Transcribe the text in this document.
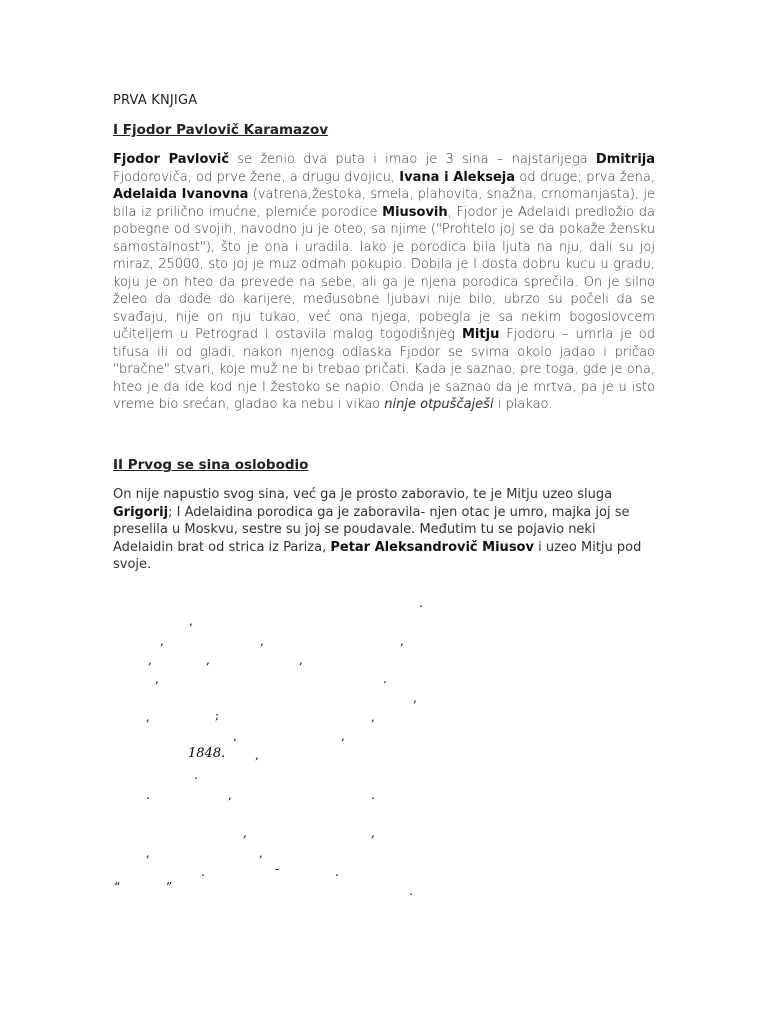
PRVA KNJIGA
I Fjodor Pavlovič Karamazov
Fjodor Pavlovič se ženio dva puta i imao je 3 sina – najstarijega Dmitrija Fjodoroviča, od prve žene, a drugu dvojicu, Ivana i Alekseja od druge; prva žena, Adelaida Ivanovna (vatrena,žestoka, smela, plahovita, snažna, crnomanjasta), je bila iz prilično imućne, plemiće porodice Miusovih, Fjodor je Adelaidi predložio da pobegne od svojih, navodno ju je oteo, sa njime ("Prohtelo joj se da pokaže žensku samostalnost"), što je ona i uradila. Iako je porodica bila ljuta na nju, dali su joj miraz, 25000, sto joj je muz odmah pokupio. Dobila je I dosta dobru kucu u gradu, koju je on hteo da prevede na sebe, ali ga je njena porodica sprečila. On je silno želeo da dođe do karijere, međusobne ljubavi nije bilo, ubrzo su počeli da se svađaju, nije on nju tukao, već ona njega, pobegla je sa nekim bogoslovcem učiteljem u Petrograd i ostavila malog togodišnjeg Mitju Fjodoru – umrla je od tifusa ili od gladi, nakon njenog odlaska Fjodor se svima okolo jadao i pričao "bračne" stvari, koje muž ne bi trebao pričati. Kada je saznao, pre toga, gde je ona, hteo je da ide kod nje I žestoko se napio. Onda je saznao da je mrtva, pa je u isto vreme bio srećan, gladao ka nebu i vikao ninje otpuščaješi i plakao.
II Prvog se sina oslobodio
On nije napustio svog sina, već ga je prosto zaboravio, te je Mitju uzeo sluga Grigorij; I Adelaidina porodica ga je zaboravila- njen otac je umro, majka joj se preselila u Moskvu, sestre su joj se poudavale. Međutim tu se pojavio neki Adelaidin brat od strica iz Pariza, Petar Aleksandrovič Miusov i uzeo Mitju pod svoje.
.
,
,	,	,
,	,	,
,	.
,
,	;	,
,	,
1848. ,
.
.	,	.
,	,
,	,
.	-	.
“	”	.
